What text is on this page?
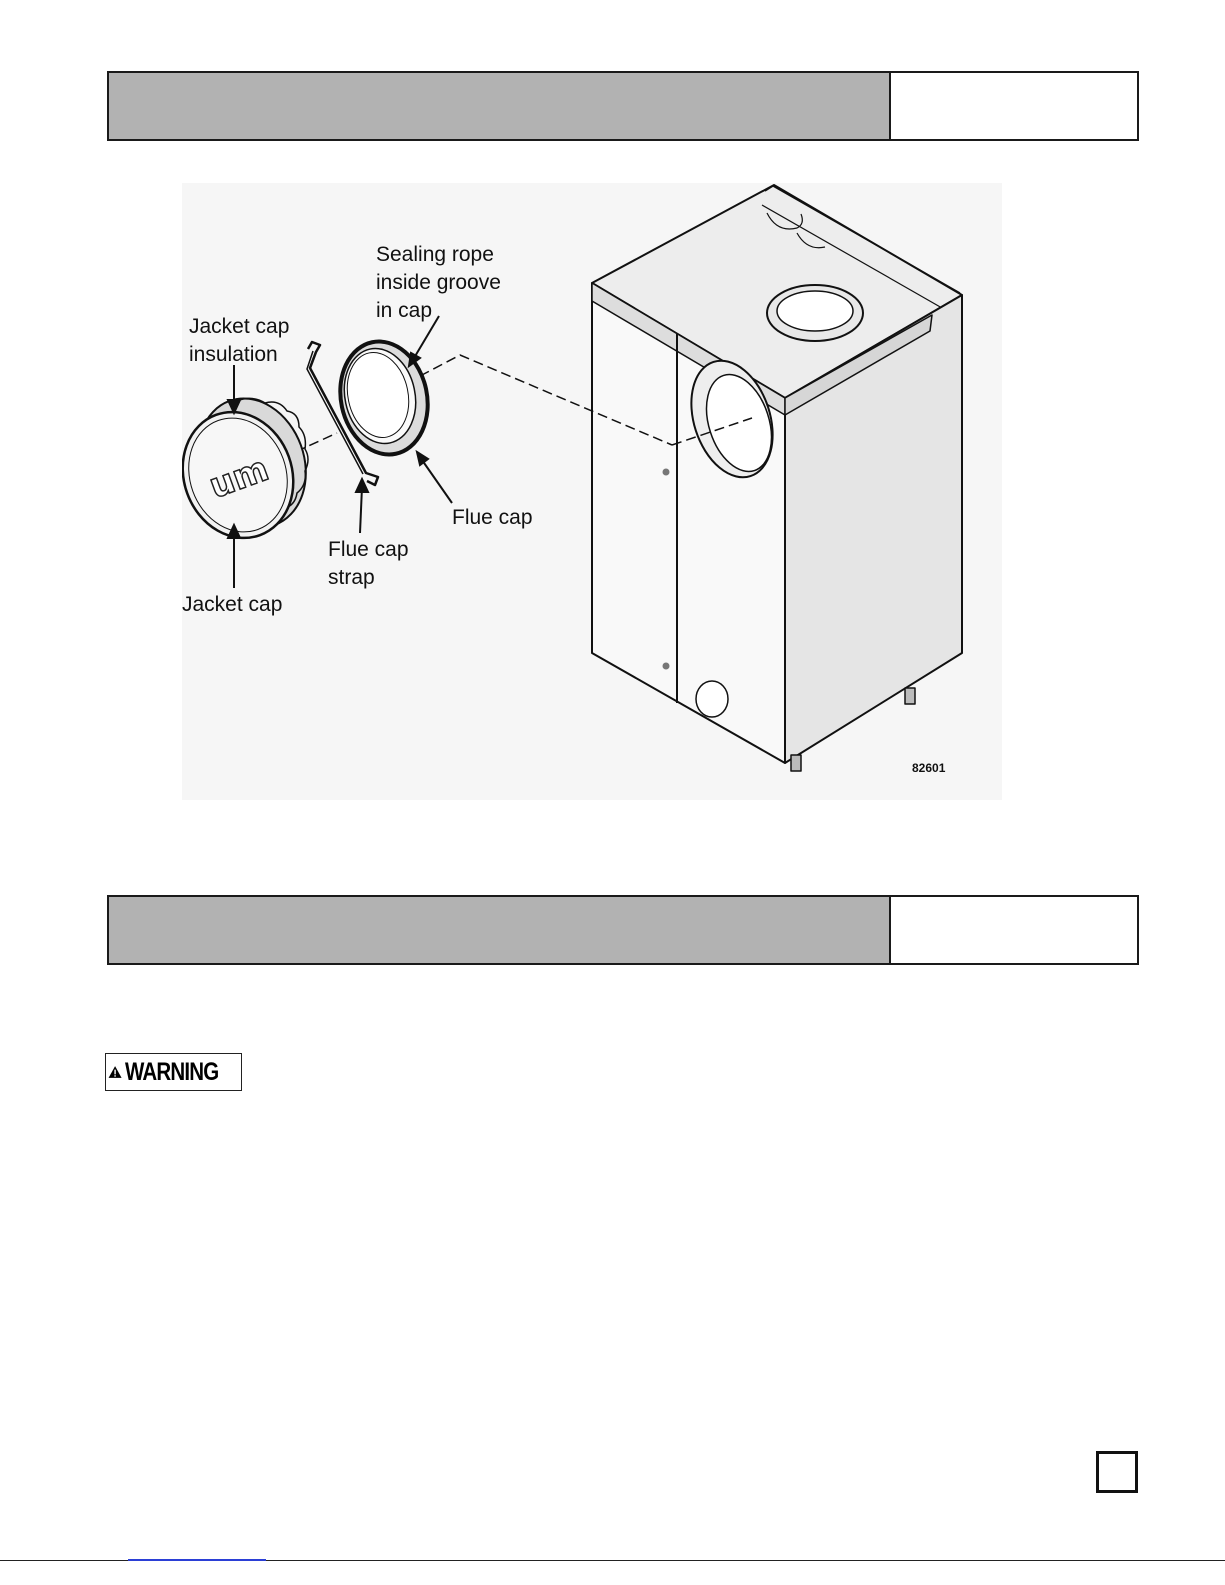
um
Sealing rope
inside groove
in cap
Jacket cap
insulation
Flue cap
Flue cap
strap
Jacket cap
82601
WARNING
